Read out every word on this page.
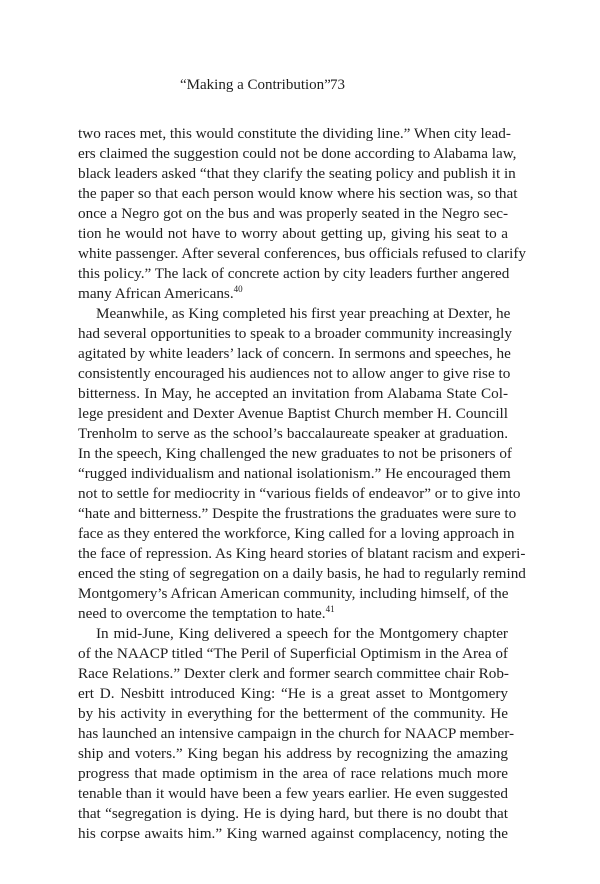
“Making a Contribution” 73
two races met, this would constitute the dividing line.” When city lead-
ers claimed the suggestion could not be done according to Alabama law,
black leaders asked “that they clarify the seating policy and publish it in
the paper so that each person would know where his section was, so that
once a Negro got on the bus and was properly seated in the Negro sec-
tion he would not have to worry about getting up, giving his seat to a
white passenger. After several conferences, bus officials refused to clarify
this policy.” The lack of concrete action by city leaders further angered
many African Americans.$^{40}$
Meanwhile, as King completed his first year preaching at Dexter, he
had several opportunities to speak to a broader community increasingly
agitated by white leaders’ lack of concern. In sermons and speeches, he
consistently encouraged his audiences not to allow anger to give rise to
bitterness. In May, he accepted an invitation from Alabama State Col-
lege president and Dexter Avenue Baptist Church member H. Councill
Trenholm to serve as the school’s baccalaureate speaker at graduation.
In the speech, King challenged the new graduates to not be prisoners of
“rugged individualism and national isolationism.” He encouraged them
not to settle for mediocrity in “various fields of endeavor” or to give into
“hate and bitterness.” Despite the frustrations the graduates were sure to
face as they entered the workforce, King called for a loving approach in
the face of repression. As King heard stories of blatant racism and experi-
enced the sting of segregation on a daily basis, he had to regularly remind
Montgomery’s African American community, including himself, of the
need to overcome the temptation to hate.$^{41}$
In mid-June, King delivered a speech for the Montgomery chapter
of the NAACP titled “The Peril of Superficial Optimism in the Area of
Race Relations.” Dexter clerk and former search committee chair Rob-
ert D. Nesbitt introduced King: “He is a great asset to Montgomery
by his activity in everything for the betterment of the community. He
has launched an intensive campaign in the church for NAACP member-
ship and voters.” King began his address by recognizing the amazing
progress that made optimism in the area of race relations much more
tenable than it would have been a few years earlier. He even suggested
that “segregation is dying. He is dying hard, but there is no doubt that
his corpse awaits him.” King warned against complacency, noting the
